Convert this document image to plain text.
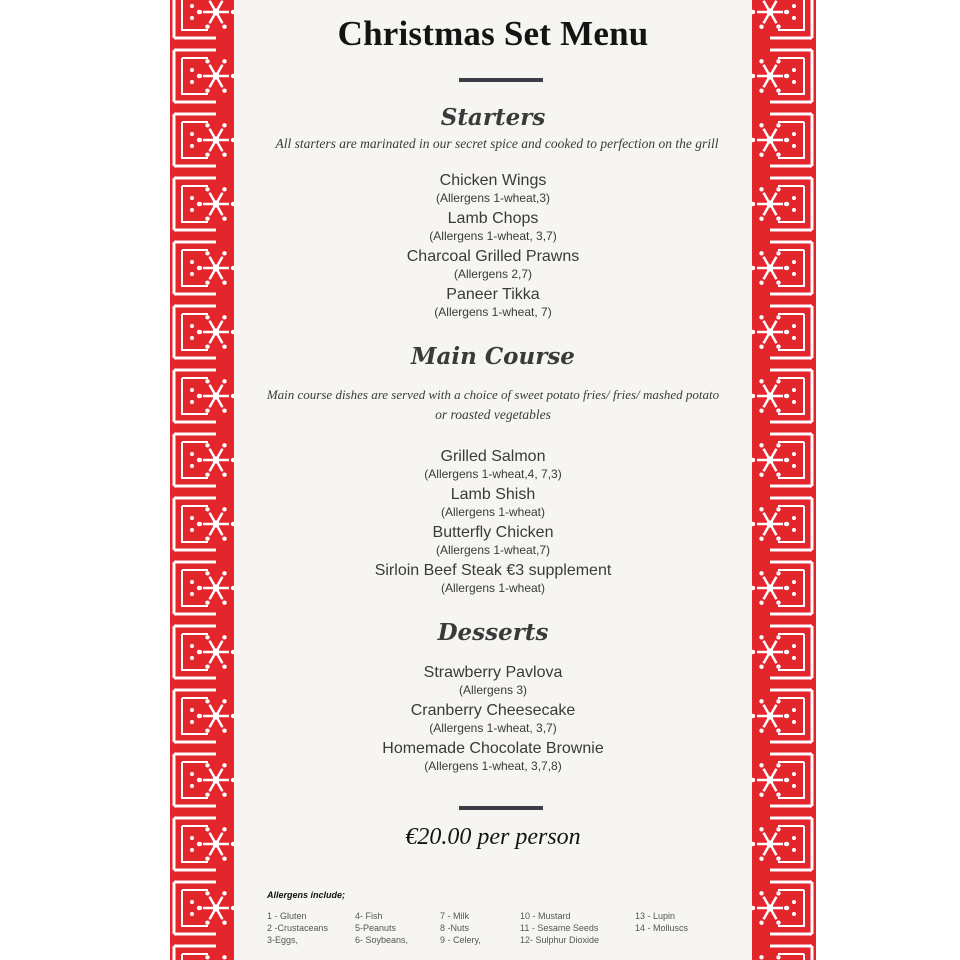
Christmas Set Menu
Starters
All starters are marinated in our secret spice and cooked to perfection on the grill
Chicken Wings
(Allergens 1-wheat,3)
Lamb Chops
(Allergens 1-wheat, 3,7)
Charcoal Grilled Prawns
(Allergens 2,7)
Paneer Tikka
(Allergens 1-wheat, 7)
Main Course
Main course dishes are served with a choice of sweet potato fries/ fries/ mashed potato
or roasted vegetables
Grilled Salmon
(Allergens 1-wheat,4, 7,3)
Lamb Shish
(Allergens 1-wheat)
Butterfly Chicken
(Allergens 1-wheat,7)
Sirloin Beef Steak €3 supplement
(Allergens 1-wheat)
Desserts
Strawberry Pavlova
(Allergens 3)
Cranberry Cheesecake
(Allergens 1-wheat, 3,7)
Homemade Chocolate Brownie
(Allergens 1-wheat, 3,7,8)
€20.00 per person
Allergens include;
1 - Gluten
2 -Crustaceans
3-Eggs,
4- Fish
5-Peanuts
6- Soybeans,
7 - Milk
8 -Nuts
9 - Celery,
10 - Mustard
11 - Sesame Seeds
12- Sulphur Dioxide
13 - Lupin
14 - Molluscs
